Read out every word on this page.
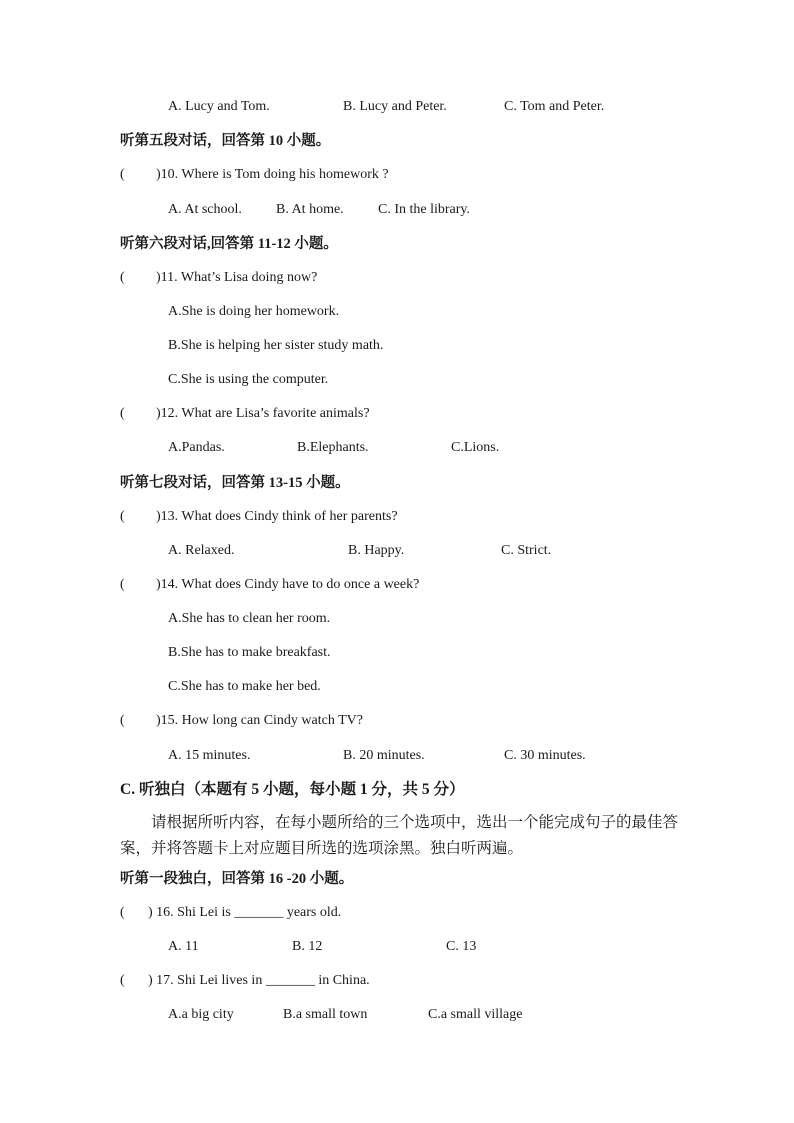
A. Lucy and Tom.	B. Lucy and Peter.	C. Tom and Peter.
听第五段对话，回答第 10 小题。
( )10. Where is Tom doing his homework ?
A. At school. B. At home. C. In the library.
听第六段对话,回答第 11-12 小题。
( )11. What’s Lisa doing now?
A.She is doing her homework.
B.She is helping her sister study math.
C.She is using the computer.
( )12. What are Lisa’s favorite animals?
A.Pandas.	B.Elephants.	C.Lions.
听第七段对话，回答第 13-15 小题。
( )13. What does Cindy think of her parents?
A. Relaxed.	B. Happy.	C. Strict.
( )14. What does Cindy have to do once a week?
A.She has to clean her room.
B.She has to make breakfast.
C.She has to make her bed.
( )15. How long can Cindy watch TV?
A. 15 minutes.	B. 20 minutes.	C. 30 minutes.
C. 听独白（本题有 5 小题，每小题 1 分，共 5 分）
请根据所听内容，在每小题所给的三个选项中，选出一个能完成句子的最佳答案，并将答题卡上对应题目所选的选项涂黑。独白听两遍。
听第一段独白，回答第 16 -20 小题。
( ) 16. Shi Lei is _______ years old.
A. 11	B. 12	C. 13
( ) 17. Shi Lei lives in _______ in China.
A.a big city	B.a small town	C.a small village
